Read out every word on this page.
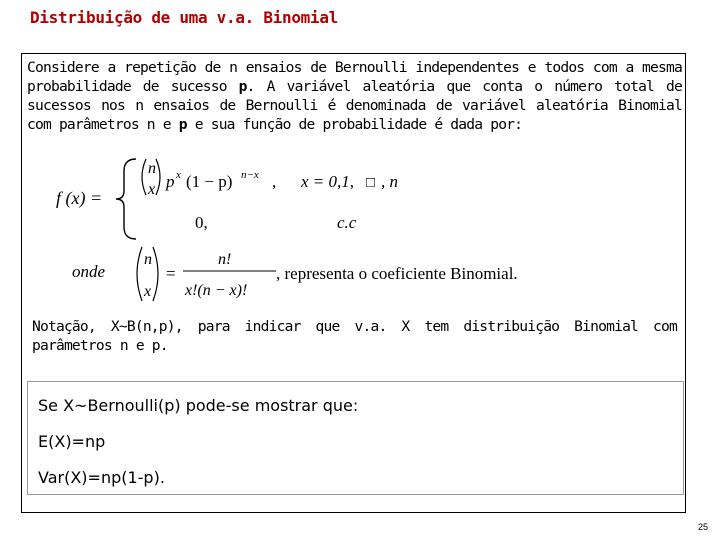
Distribuição de uma v.a. Binomial

Considere a repetição de n ensaios de Bernoulli independentes e todos com a mesma probabilidade de sucesso p. A variável aleatória que conta o número total de sucessos nos n ensaios de Bernoulli é denominada de variável aleatória Binomial com parâmetros n e p e sua função de probabilidade é dada por:

f (x) =
n
x p x (1 − p) n−x , x = 0,1, □ , n
0,	c.c
onde
n
x
=
n!
x!(n − x)!
, representa o coeficiente Binomial.

Notação, X~B(n,p), para indicar que v.a. X tem distribuição Binomial com parâmetros n e p.

Se X~Bernoulli(p) pode-se mostrar que:
E(X)=np
Var(X)=np(1-p).
25
